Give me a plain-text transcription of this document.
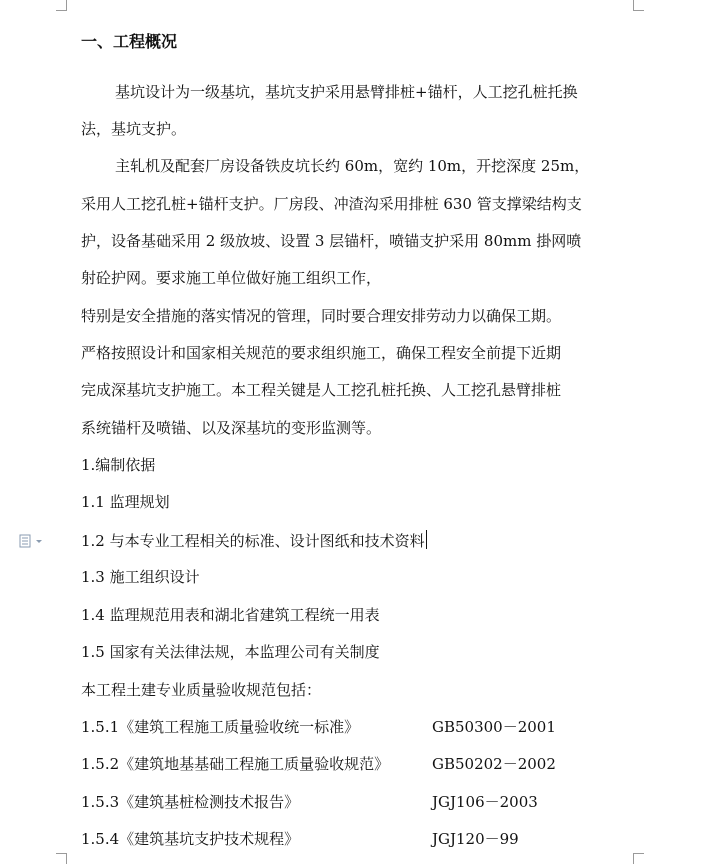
一、工程概况
基坑设计为一级基坑，基坑支护采用悬臂排桩+锚杆，人工挖孔桩托换
法，基坑支护。
主轧机及配套厂房设备铁皮坑长约 60m，宽约 10m，开挖深度 25m，
采用人工挖孔桩+锚杆支护。厂房段、冲渣沟采用排桩 630 管支撑梁结构支
护，设备基础采用 2 级放坡、设置 3 层锚杆，喷锚支护采用 80mm 掛网喷
射砼护网。要求施工单位做好施工组织工作，
特别是安全措施的落实情况的管理，同时要合理安排劳动力以确保工期。
严格按照设计和国家相关规范的要求组织施工，确保工程安全前提下近期
完成深基坑支护施工。本工程关键是人工挖孔桩托换、人工挖孔悬臂排桩
系统锚杆及喷锚、以及深基坑的变形监测等。
1.编制依据
1.1 监理规划
1.2 与本专业工程相关的标准、设计图纸和技术资料
1.3 施工组织设计
1.4 监理规范用表和湖北省建筑工程统一用表
1.5 国家有关法律法规，本监理公司有关制度
本工程土建专业质量验收规范包括：
1.5.1《建筑工程施工质量验收统一标准》	GB50300－2001
1.5.2《建筑地基基础工程施工质量验收规范》	GB50202－2002
1.5.3《建筑基桩检测技术报告》	JGJ106－2003
1.5.4《建筑基坑支护技术规程》	JGJ120－99
